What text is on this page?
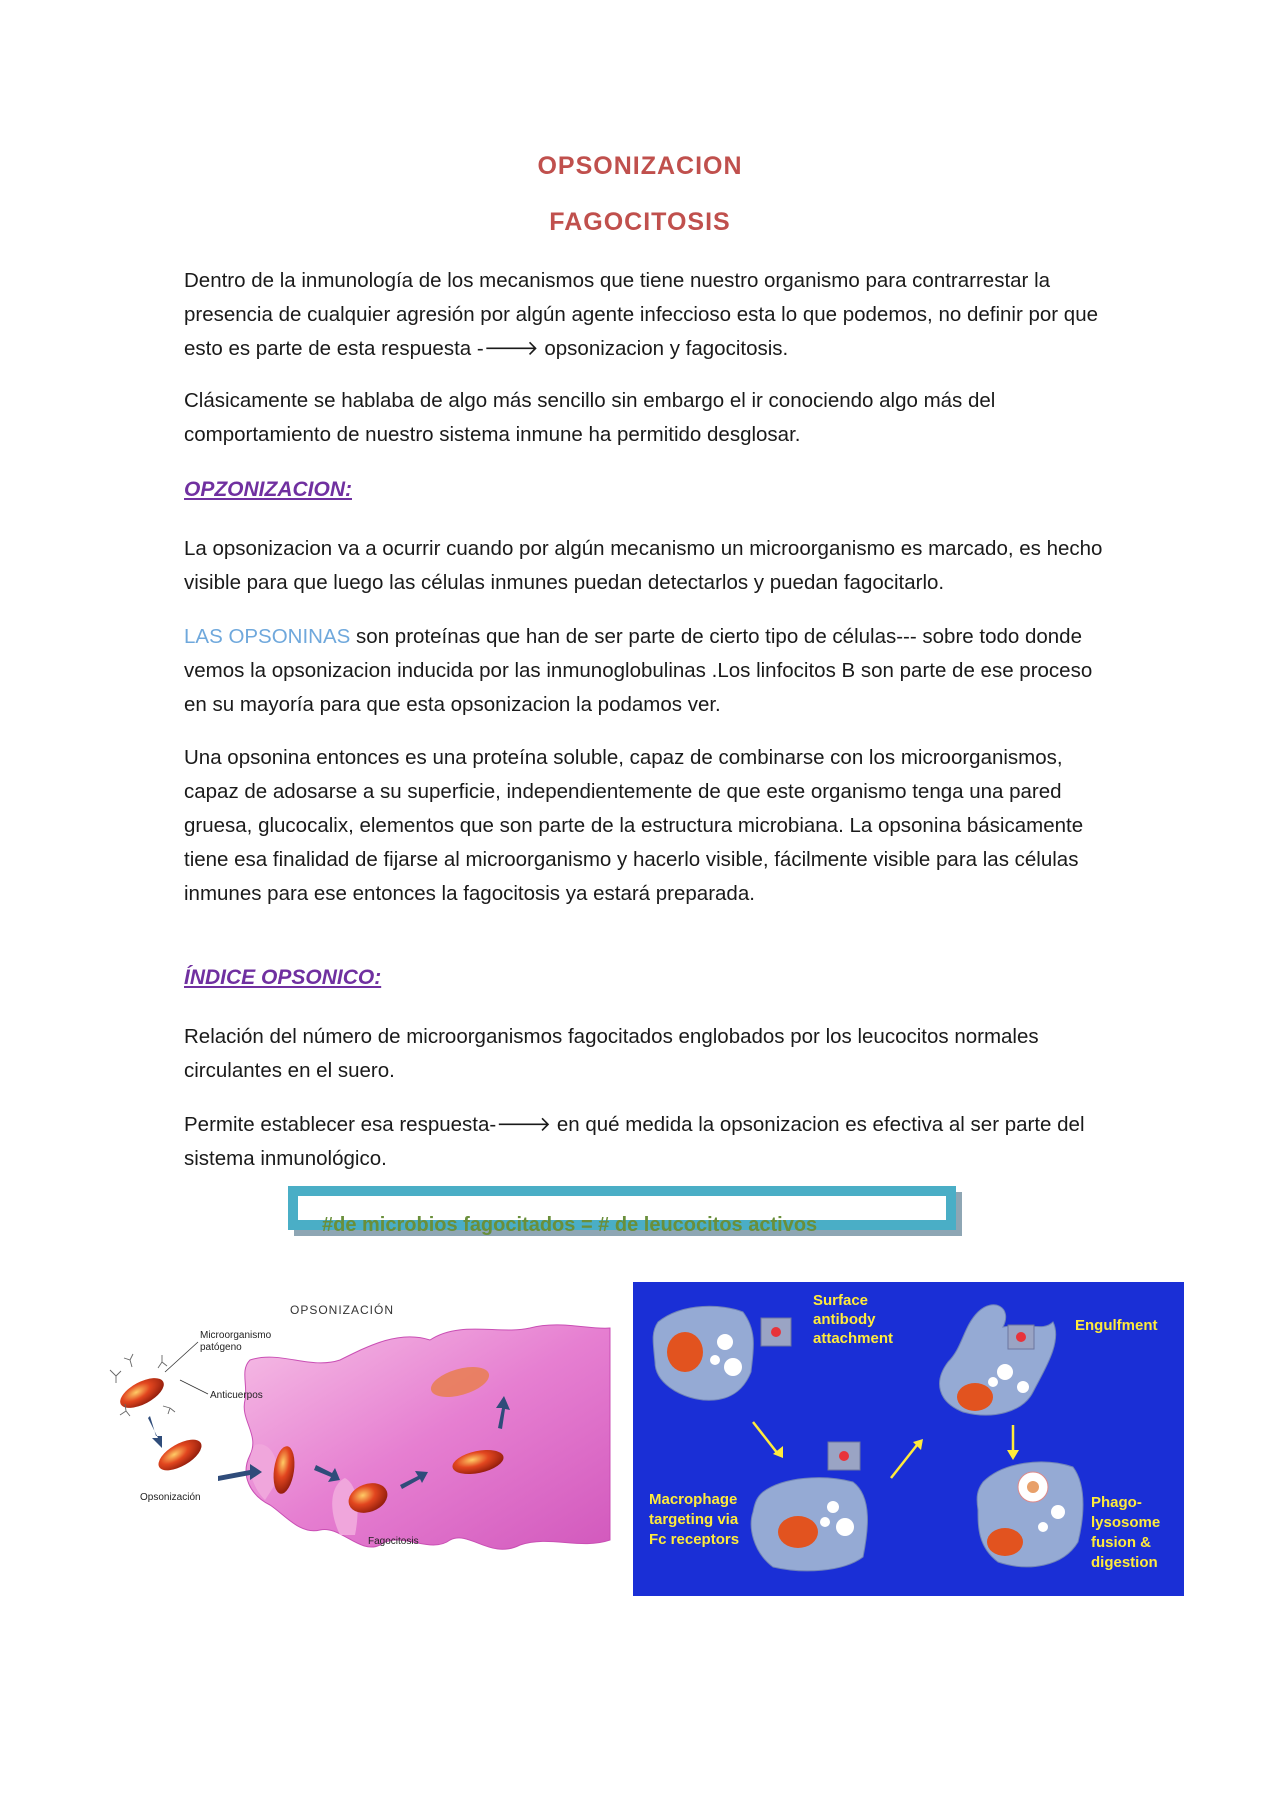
OPSONIZACION
FAGOCITOSIS
Dentro de la inmunología de los mecanismos que tiene nuestro organismo para contrarrestar la presencia de cualquier agresión por algún agente infeccioso esta lo que podemos, no definir por que esto es parte de esta respuesta -🡒 opsonizacion y fagocitosis.
Clásicamente se hablaba de algo más sencillo sin embargo el ir conociendo algo más del comportamiento de nuestro sistema inmune ha permitido desglosar.
OPZONIZACION:
La opsonizacion va a ocurrir cuando por algún mecanismo un microorganismo es marcado, es hecho visible para que luego las células inmunes puedan detectarlos y puedan fagocitarlo.
LAS OPSONINAS son proteínas que han de ser parte de cierto tipo de células--- sobre todo donde vemos la opsonizacion inducida por las inmunoglobulinas .Los linfocitos B son parte de ese proceso en su mayoría para que esta opsonizacion la podamos ver.
Una opsonina entonces es una proteína soluble, capaz de combinarse con los microorganismos, capaz de adosarse a su superficie, independientemente de que este organismo tenga una pared gruesa, glucocalix, elementos que son parte de la estructura microbiana. La opsonina básicamente tiene esa finalidad de fijarse al microorganismo y hacerlo visible, fácilmente visible para las células inmunes para ese entonces la fagocitosis ya estará preparada.
ÍNDICE OPSONICO:
Relación del número de microorganismos fagocitados englobados por los leucocitos normales circulantes en el suero.
Permite establecer esa respuesta-🡒 en qué medida la opsonizacion es efectiva al ser parte del sistema inmunológico.
#de microbios fagocitados = # de leucocitos activos
OPSONIZACIÓN
Microorganismo
patógeno
Anticuerpos
Opsonización
Fagocitosis
Surface
antibody
attachment
Engulfment
Macrophage
targeting via
Fc receptors
Phago-
lysosome
fusion &
digestion
